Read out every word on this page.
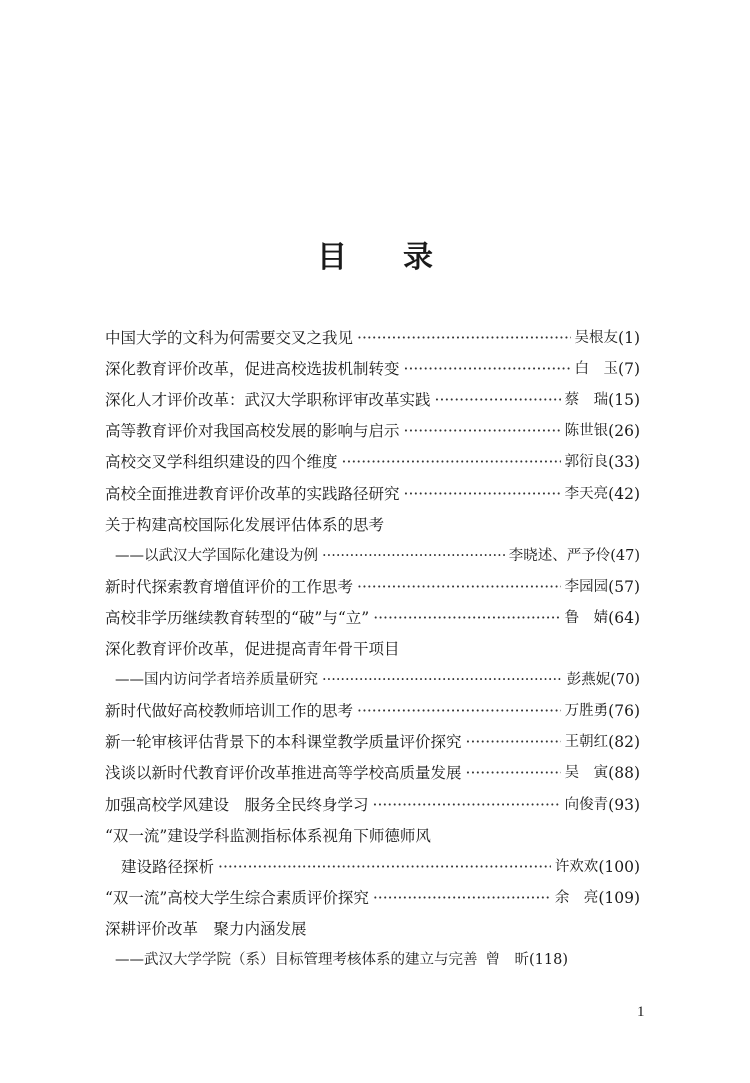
目录
中国大学的文科为何需要交叉之我见 ·····	吴根友 (1)
深化教育评价改革，促进高校选拔机制转变 ·····	白　玉 (7)
深化人才评价改革：武汉大学职称评审改革实践 ·····	蔡　瑞 (15)
高等教育评价对我国高校发展的影响与启示 ·····	陈世银 (26)
高校交叉学科组织建设的四个维度 ·····	郭衍良 (33)
高校全面推进教育评价改革的实践路径研究 ·····	李天亮 (42)
关于构建高校国际化发展评估体系的思考
——以武汉大学国际化建设为例 ·····	李晓述、严予伶 (47)
新时代探索教育增值评价的工作思考 ·····	李园园 (57)
高校非学历继续教育转型的“破”与“立” ·····	鲁　婧 (64)
深化教育评价改革，促进提高青年骨干项目
——国内访问学者培养质量研究 ·····	彭燕妮 (70)
新时代做好高校教师培训工作的思考 ·····	万胜勇 (76)
新一轮审核评估背景下的本科课堂教学质量评价探究 ·····	王朝红 (82)
浅谈以新时代教育评价改革推进高等学校高质量发展 ·····	吴　寅 (88)
加强高校学风建设　服务全民终身学习 ·····	向俊青 (93)
“双一流”建设学科监测指标体系视角下师德师风
建设路径探析 ·····	许欢欢 (100)
“双一流”高校大学生综合素质评价探究 ·····	余　亮 (109)
深耕评价改革　聚力内涵发展
——武汉大学学院（系）目标管理考核体系的建立与完善 曾　昕 (118)
1
